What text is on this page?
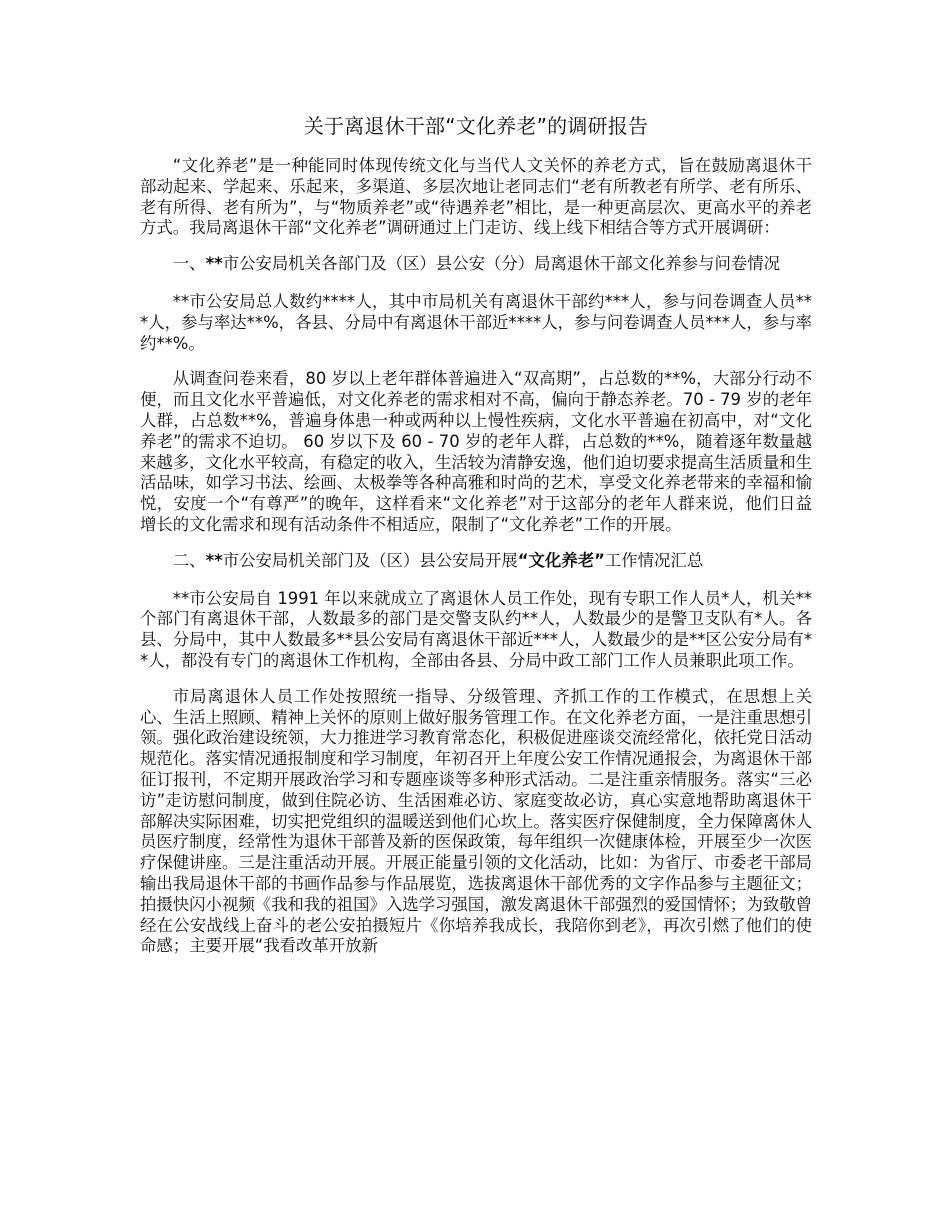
关于离退休干部“文化养老”的调研报告

“文化养老”是一种能同时体现传统文化与当代人文关怀的养老方式，旨在鼓励离退休干部动起来、学起来、乐起来，多渠道、多层次地让老同志们“老有所教老有所学、老有所乐、老有所得、老有所为”，与“物质养老”或“待遇养老”相比，是一种更高层次、更高水平的养老方式。我局离退休干部“文化养老”调研通过上门走访、线上线下相结合等方式开展调研：

一、**市公安局机关各部门及（区）县公安（分）局离退休干部文化养参与问卷情况

**市公安局总人数约****人，其中市局机关有离退休干部约***人，参与问卷调查人员***人，参与率达**%，各县、分局中有离退休干部近****人，参与问卷调查人员***人，参与率约**%。

从调查问卷来看，80 岁以上老年群体普遍进入“双高期”，占总数的**%，大部分行动不便，而且文化水平普遍低，对文化养老的需求相对不高，偏向于静态养老。70 - 79 岁的老年人群，占总数**%，普遍身体患一种或两种以上慢性疾病，文化水平普遍在初高中，对“文化养老”的需求不迫切。 60 岁以下及 60 - 70 岁的老年人群，占总数的**%，随着逐年数量越来越多，文化水平较高，有稳定的收入，生活较为清静安逸，他们迫切要求提高生活质量和生活品味，如学习书法、绘画、太极拳等各种高雅和时尚的艺术，享受文化养老带来的幸福和愉悦，安度一个“有尊严”的晚年，这样看来“文化养老”对于这部分的老年人群来说，他们日益增长的文化需求和现有活动条件不相适应，限制了“文化养老”工作的开展。

二、**市公安局机关部门及（区）县公安局开展“文化养老”工作情况汇总

**市公安局自 1991 年以来就成立了离退休人员工作处，现有专职工作人员*人，机关**个部门有离退休干部，人数最多的部门是交警支队约**人，人数最少的是警卫支队有*人。各县、分局中，其中人数最多**县公安局有离退休干部近***人，人数最少的是**区公安分局有**人，都没有专门的离退休工作机构，全部由各县、分局中政工部门工作人员兼职此项工作。

市局离退休人员工作处按照统一指导、分级管理、齐抓工作的工作模式，在思想上关心、生活上照顾、精神上关怀的原则上做好服务管理工作。在文化养老方面，一是注重思想引领。强化政治建设统领，大力推进学习教育常态化，积极促进座谈交流经常化，依托党日活动规范化。落实情况通报制度和学习制度，年初召开上年度公安工作情况通报会，为离退休干部征订报刊，不定期开展政治学习和专题座谈等多种形式活动。二是注重亲情服务。落实“三必访”走访慰问制度，做到住院必访、生活困难必访、家庭变故必访，真心实意地帮助离退休干部解决实际困难，切实把党组织的温暖送到他们心坎上。落实医疗保健制度，全力保障离休人员医疗制度，经常性为退休干部普及新的医保政策，每年组织一次健康体检，开展至少一次医疗保健讲座。三是注重活动开展。开展正能量引领的文化活动，比如：为省厅、市委老干部局输出我局退休干部的书画作品参与作品展览，选拔离退休干部优秀的文字作品参与主题征文；拍摄快闪小视频《我和我的祖国》入选学习强国，激发离退休干部强烈的爱国情怀；为致敬曾经在公安战线上奋斗的老公安拍摄短片《你培养我成长，我陪你到老》，再次引燃了他们的使命感；主要开展“我看改革开放新
